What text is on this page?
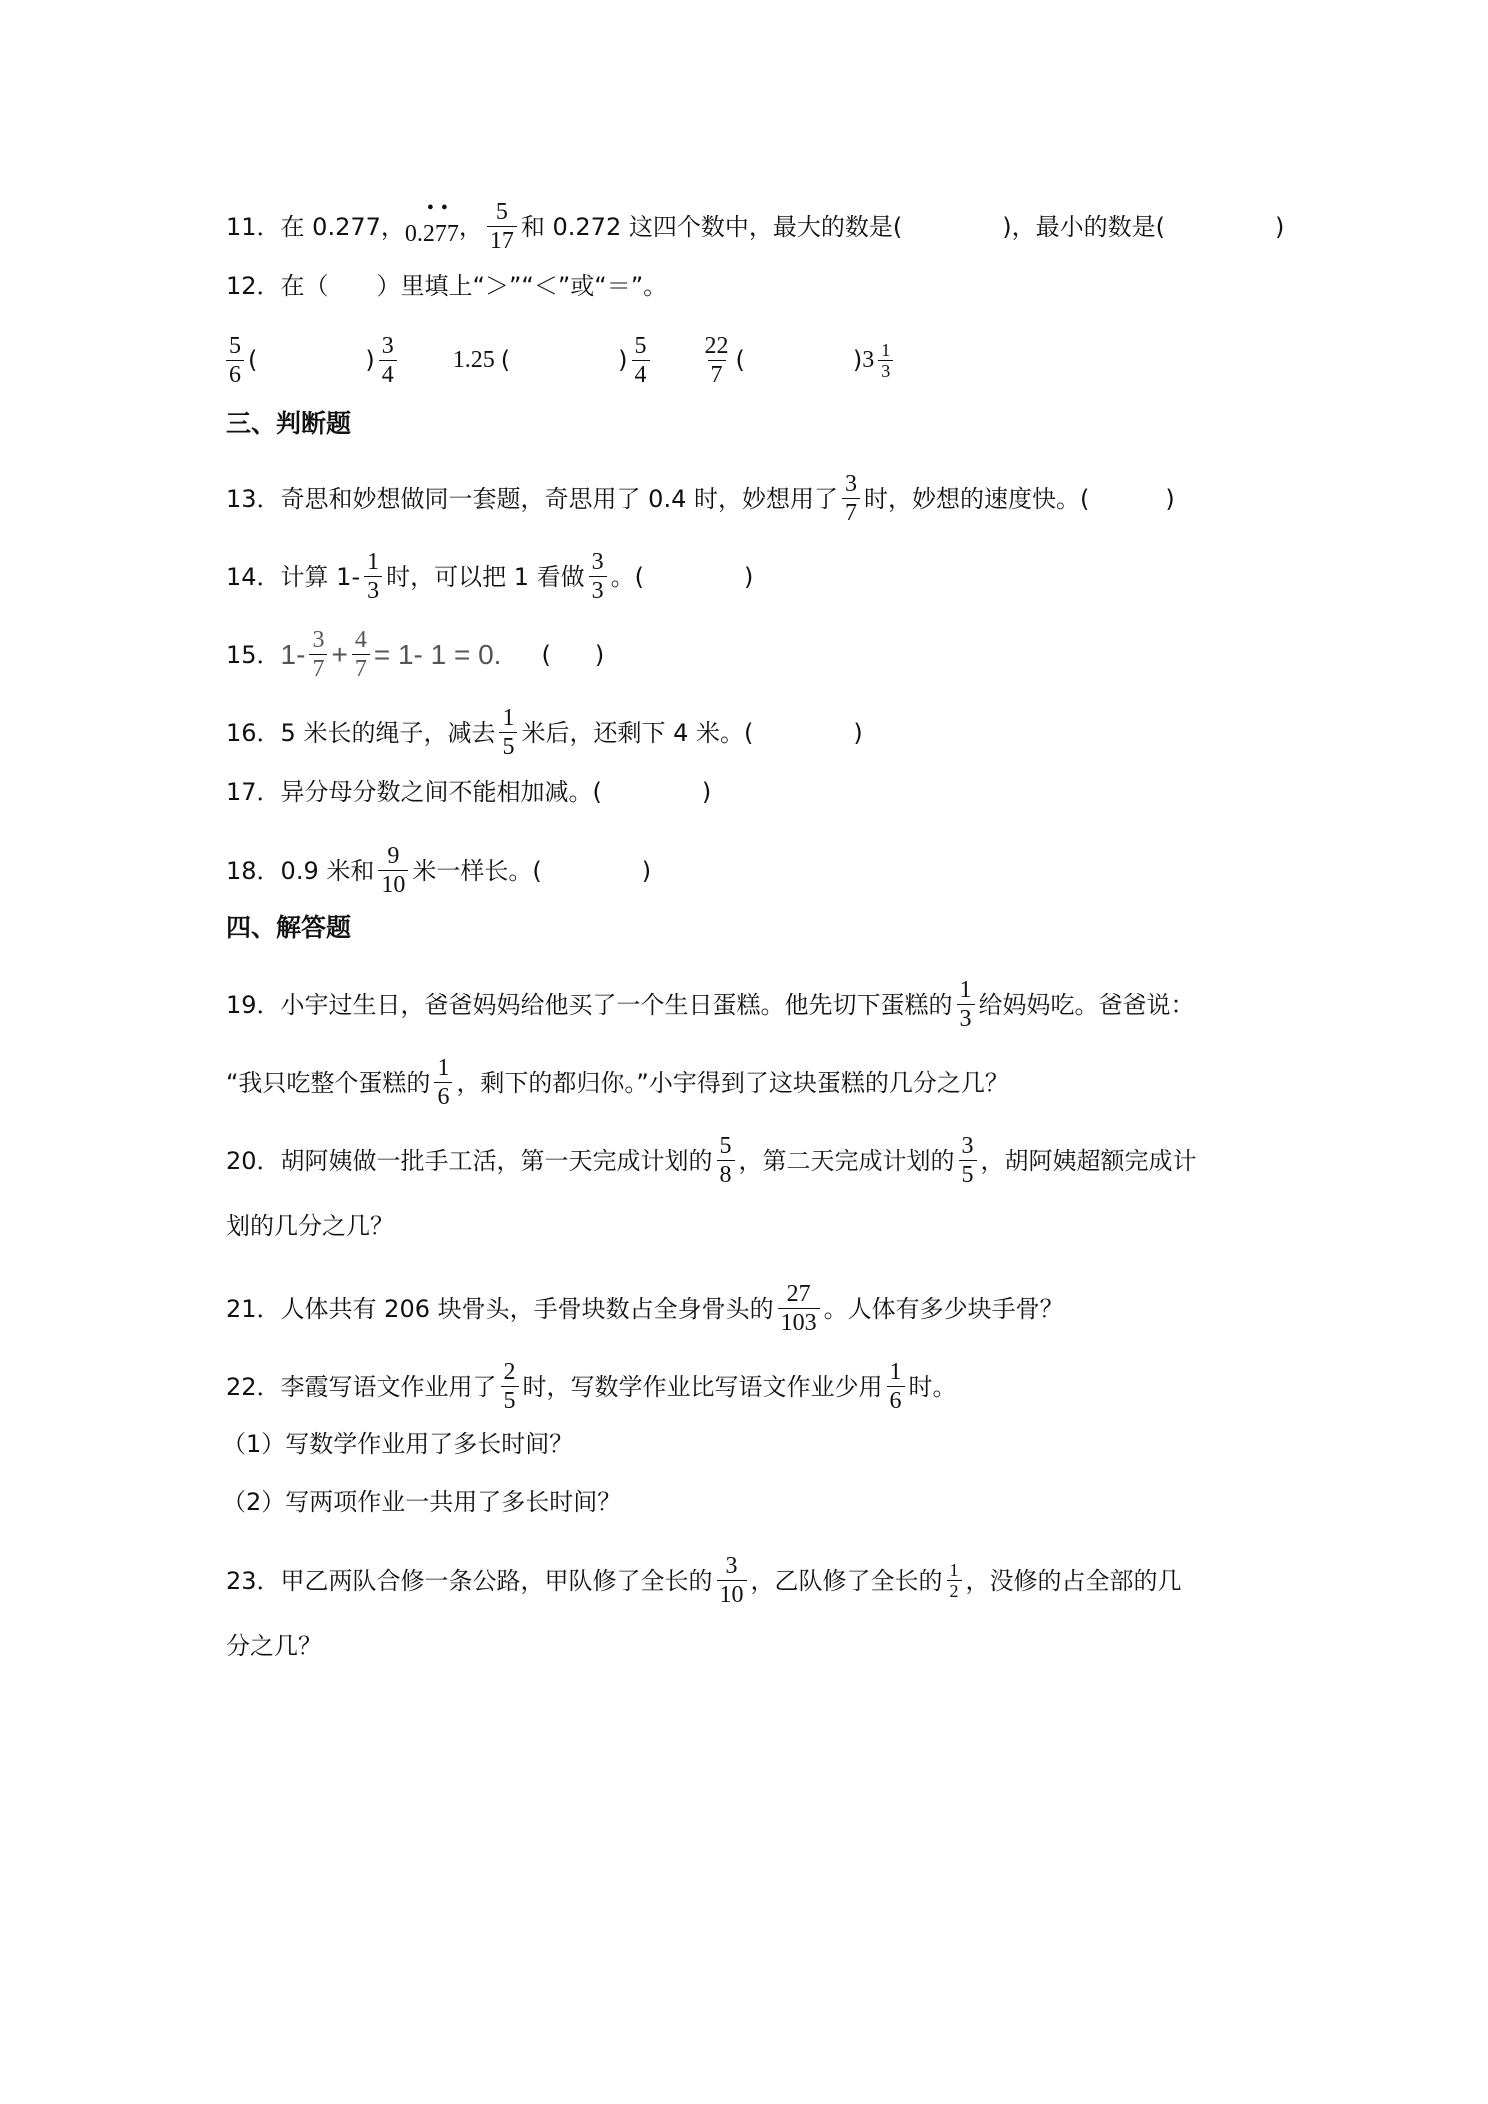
11． 在 0.277， 0.277
• •
， $\frac{5}{17}$ 和 0.272 这四个数中，最大的数是(	)，最小的数是(	)
12． 在（　　）里填上“＞”“＜”或“＝”。
$\frac{5}{6}$ (	) $\frac{3}{4} 1.25$ (	) $\frac{5}{4} \frac{22}{7}$ (	) $3 \frac{1}{3}$
三、判断题
13． 奇思和妙想做同一套题，奇思用了 0.4 时，妙想用了 $\frac{3}{7}$ 时，妙想的速度快。(	)
14． 计算 $1- \frac{1}{3}$ 时，可以把 1 看做 $\frac{3}{3}$ 。(	)
15． $1- \frac{3}{7} + \frac{4}{7} = 1-$ 1 = 0. ( )
16． 5 米长的绳子，减去 $\frac{1}{5}$ 米后，还剩下 4 米。(	)
17． 异分母分数之间不能相加减。(	)
18． 0.9 米和 $\frac{9}{10}$ 米一样长。(	)
四、解答题
19． 小宇过生日，爸爸妈妈给他买了一个生日蛋糕。他先切下蛋糕的 $\frac{1}{3}$ 给妈妈吃。爸爸说：
“我只吃整个蛋糕的 $\frac{1}{6}$ ，剩下的都归你。”小宇得到了这块蛋糕的几分之几？
20． 胡阿姨做一批手工活，第一天完成计划的 $\frac{5}{8}$ ，第二天完成计划的 $\frac{3}{5}$ ，胡阿姨超额完成计
划的几分之几？
21． 人体共有 206 块骨头，手骨块数占全身骨头的 $\frac{27}{103}$ 。人体有多少块手骨？
22． 李霞写语文作业用了 $\frac{2}{5}$ 时，写数学作业比写语文作业少用 $\frac{1}{6}$ 时。
（1）写数学作业用了多长时间？
（2）写两项作业一共用了多长时间？
23． 甲乙两队合修一条公路，甲队修了全长的 $\frac{3}{10}$ ，乙队修了全长的 $\frac{1}{2}$ ，没修的占全部的几
分之几？
